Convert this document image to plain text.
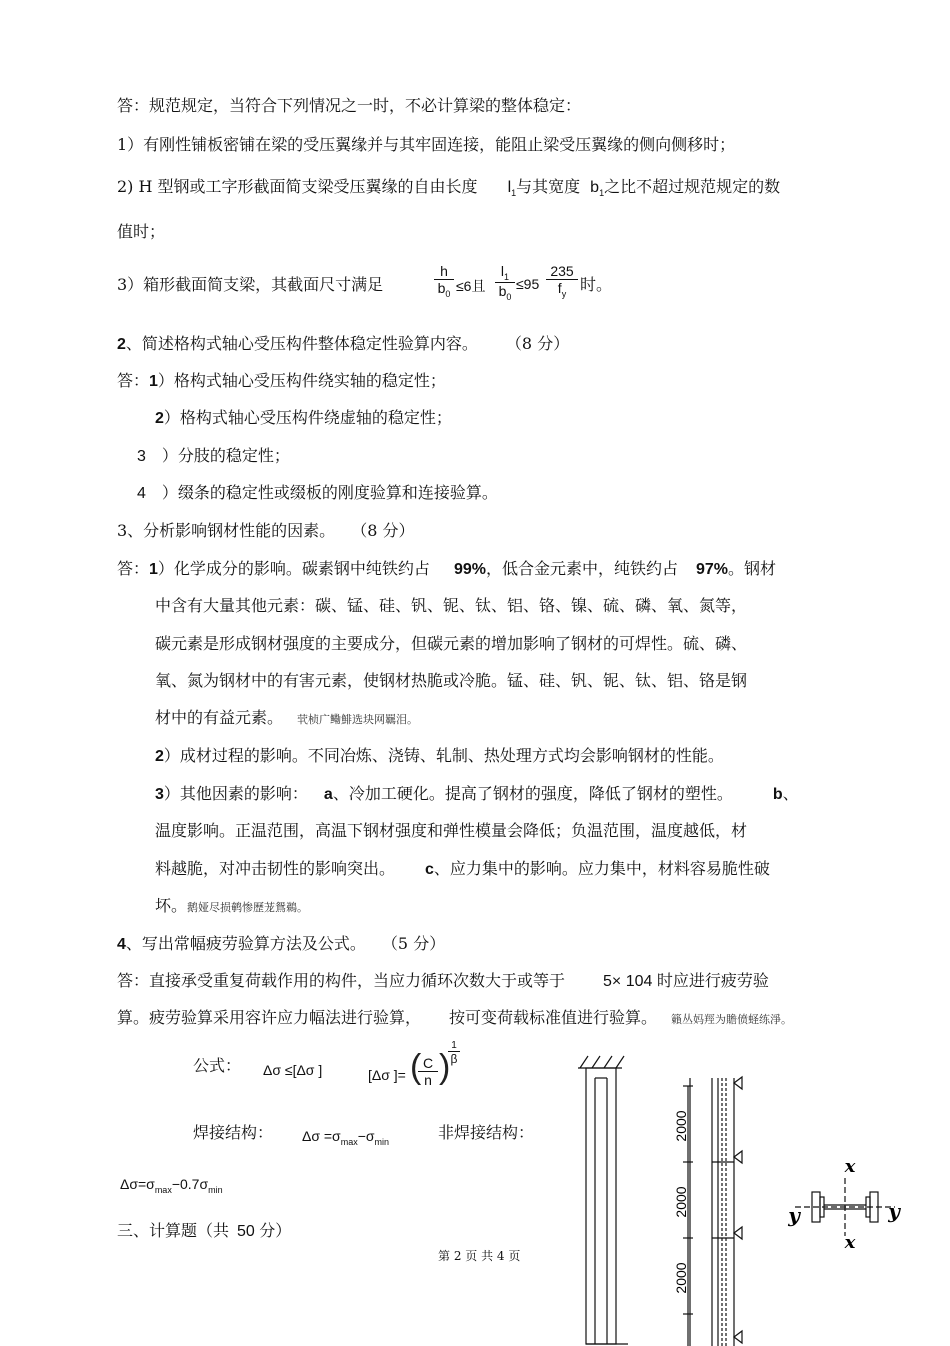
答：规范规定，当符合下列情况之一时，不必计算梁的整体稳定：
1）有刚性铺板密铺在梁的受压翼缘并与其牢固连接，能阻止梁受压翼缘的侧向侧移时；
2) H 型钢或工字形截面简支梁受压翼缘的自由长度 $l_1$与其宽度 $b_1$之比不超过规范规定的数
值时；
3）箱形截面简支梁，其截面尺寸满足	$\frac{h}{b_0} \le 6$且 $\frac{l_1}{b_0} \le 95 \frac{235}{f_y}$ 时。
2、简述格构式轴心受压构件整体稳定性验算内容。 （8 分）
答：1）格构式轴心受压构件绕实轴的稳定性；
2）格构式轴心受压构件绕虚轴的稳定性；
3 ）分肢的稳定性；
4 ）缀条的稳定性或缀板的刚度验算和连接验算。
3、分析影响钢材性能的因素。 （8 分）
答：1）化学成分的影响。碳素钢中纯铁约占 99%，低合金元素中，纯铁约占 97%。钢材
中含有大量其他元素：碳、锰、硅、钒、铌、钛、铝、铬、镍、硫、磷、氧、氮等，
碳元素是形成钢材强度的主要成分，但碳元素的增加影响了钢材的可焊性。硫、磷、
氧、氮为钢材中的有害元素，使钢材热脆或冷脆。锰、硅、钒、铌、钛、铝、铬是钢
材中的有益元素。 茕桢广鳓鯡选块网羈泪。
2）成材过程的影响。不同冶炼、浇铸、轧制、热处理方式均会影响钢材的性能。
3）其他因素的影响： a、冷加工硬化。提高了钢材的强度，降低了钢材的塑性。	b、
温度影响。正温范围，高温下钢材强度和弹性模量会降低；负温范围，温度越低，材
料越脆，对冲击韧性的影响突出。 c、应力集中的影响。应力集中，材料容易脆性破
坏。鹅娅尽损鹌惨歷茏鴛鵜。
4、写出常幅疲劳验算方法及公式。 （5 分）
答：直接承受重复荷载作用的构件，当应力循环次数大于或等于 5× 104 时应进行疲劳验
算。疲劳验算采用容许应力幅法进行验算， 按可变荷载标准值进行验算。 籟丛妈羥为贍偾蛏练淨。
公式： Δσ ≤[Δσ ]	[Δσ ]= (
$\frac{C}{n}$ )
1
β
焊接结构： $\Delta\sigma =\sigma_{max}-\sigma_{min}$	非焊接结构：
$\Delta\sigma=\sigma_{max}-0.7\sigma_{min}$
三、计算题（共 50 分）
第 2 页 共 4 页
2000
2000
2000
x
x
y	y
